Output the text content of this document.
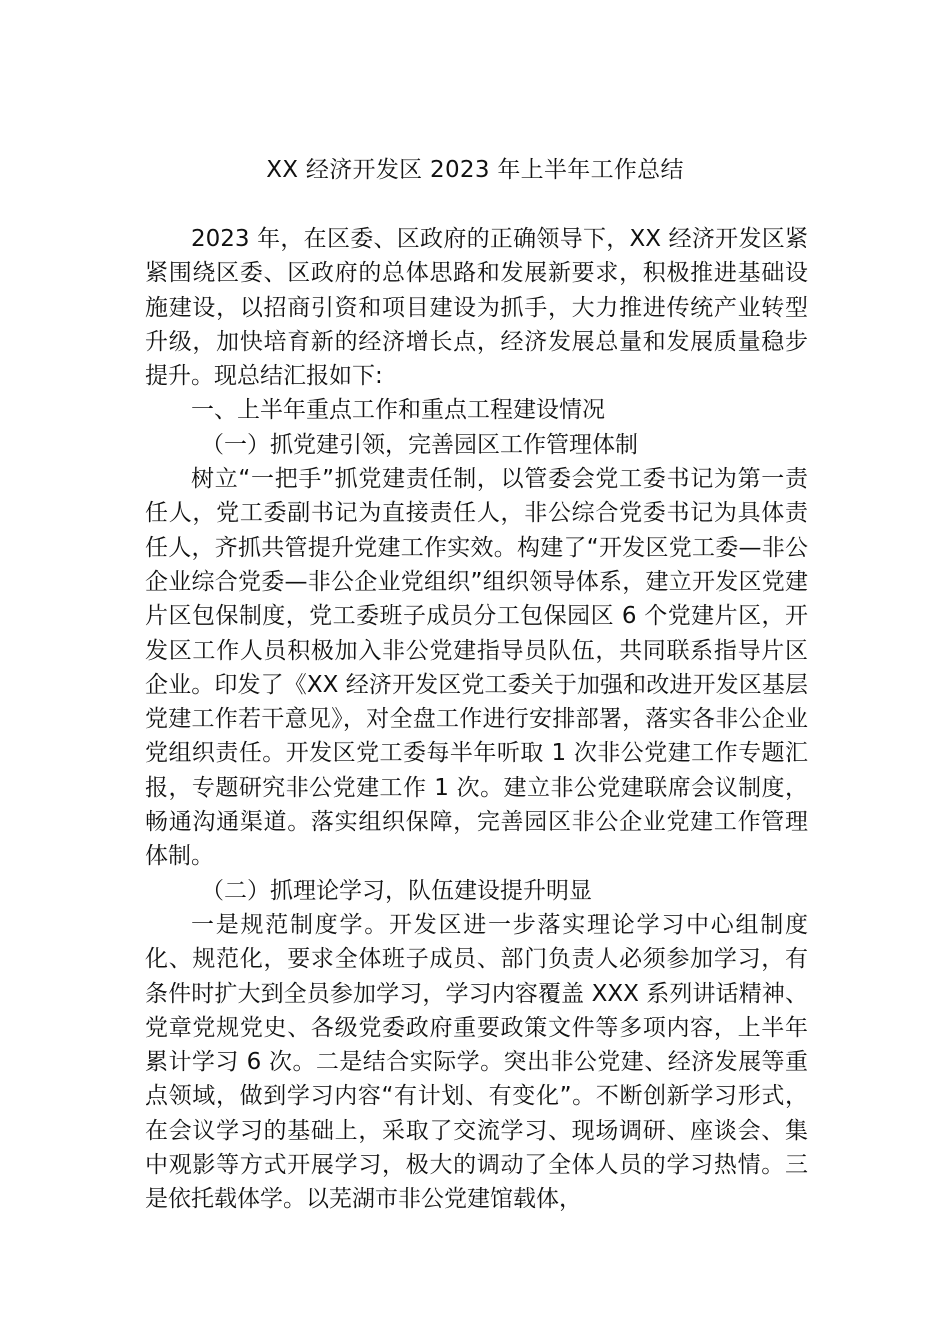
XX 经济开发区 2023 年上半年工作总结

2023 年，在区委、区政府的正确领导下，XX 经济开发区紧紧围绕区委、区政府的总体思路和发展新要求，积极推进基础设施建设，以招商引资和项目建设为抓手，大力推进传统产业转型升级，加快培育新的经济增长点，经济发展总量和发展质量稳步提升。现总结汇报如下:

一、上半年重点工作和重点工程建设情况

（一）抓党建引领，完善园区工作管理体制

树立“一把手”抓党建责任制，以管委会党工委书记为第一责任人，党工委副书记为直接责任人，非公综合党委书记为具体责任人，齐抓共管提升党建工作实效。构建了“开发区党工委—非公企业综合党委—非公企业党组织”组织领导体系，建立开发区党建片区包保制度，党工委班子成员分工包保园区 6 个党建片区，开发区工作人员积极加入非公党建指导员队伍，共同联系指导片区企业。印发了《XX 经济开发区党工委关于加强和改进开发区基层党建工作若干意见》，对全盘工作进行安排部署，落实各非公企业党组织责任。开发区党工委每半年听取 1 次非公党建工作专题汇报，专题研究非公党建工作 1 次。建立非公党建联席会议制度，畅通沟通渠道。落实组织保障，完善园区非公企业党建工作管理体制。

（二）抓理论学习，队伍建设提升明显

一是规范制度学。开发区进一步落实理论学习中心组制度化、规范化，要求全体班子成员、部门负责人必须参加学习，有条件时扩大到全员参加学习，学习内容覆盖 XXX 系列讲话精神、党章党规党史、各级党委政府重要政策文件等多项内容，上半年累计学习 6 次。二是结合实际学。突出非公党建、经济发展等重点领域，做到学习内容“有计划、有变化”。不断创新学习形式，在会议学习的基础上，采取了交流学习、现场调研、座谈会、集中观影等方式开展学习，极大的调动了全体人员的学习热情。三是依托载体学。以芜湖市非公党建馆载体，
